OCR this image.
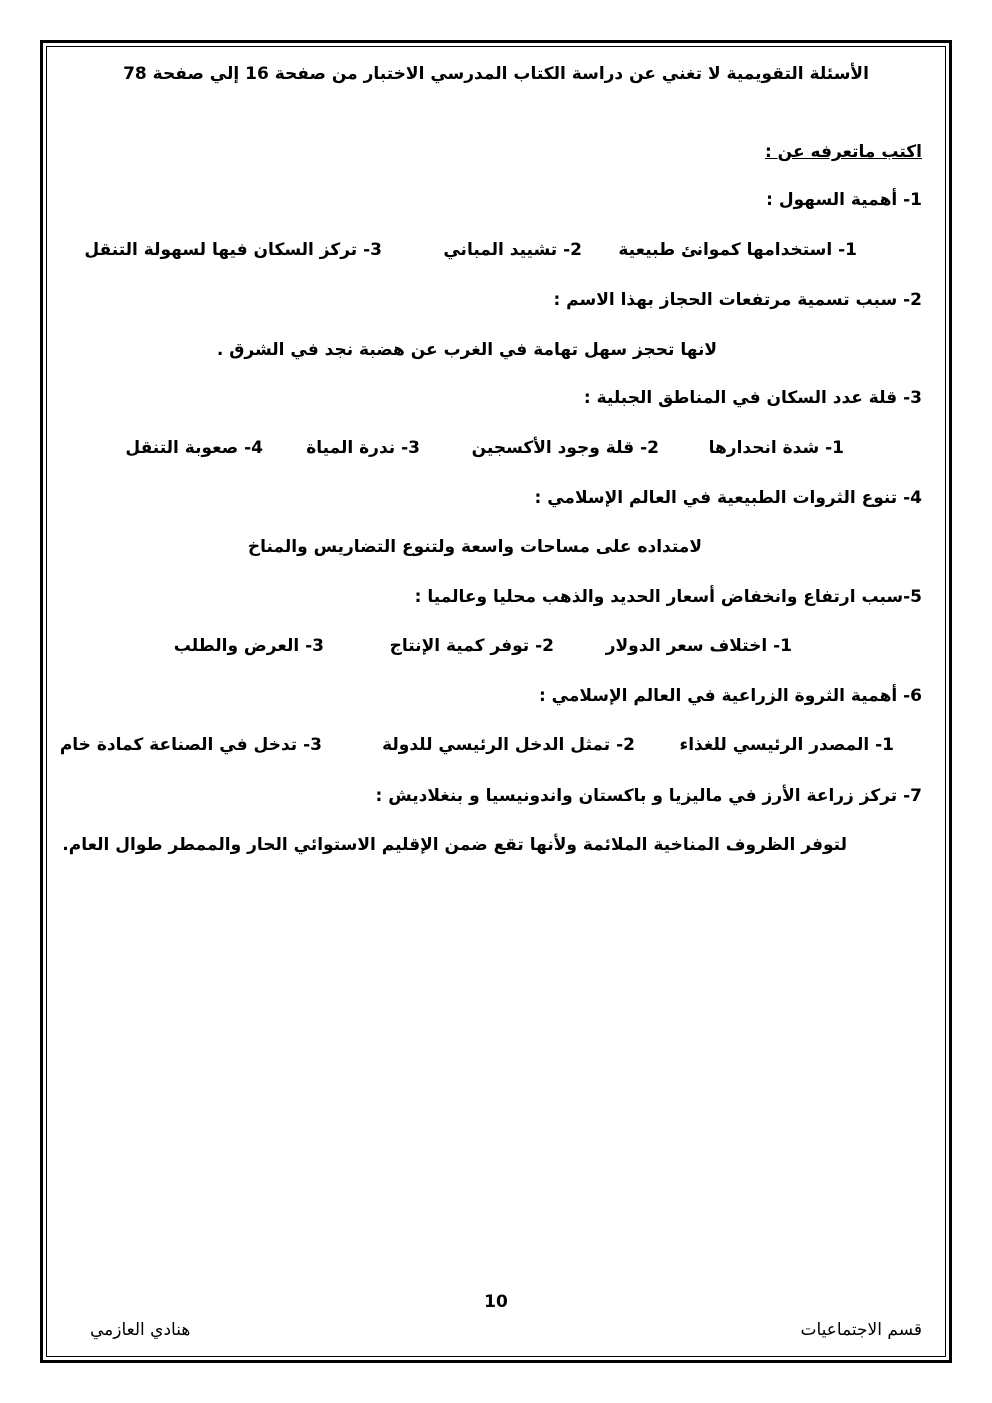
الأسئلة التقويمية لا تغني عن دراسة الكتاب المدرسي الاختبار من صفحة 16 إلي صفحة 78
اكتب ماتعرفه عن :
1- أهمية السهول :
1- استخدامها كموانئ طبيعية
2- تشييد المباني
3- تركز السكان فيها لسهولة التنقل
2- سبب تسمية مرتفعات الحجاز بهذا الاسم :
لانها تحجز سهل تهامة في الغرب عن هضبة نجد في الشرق .
3- قلة عدد السكان في المناطق الجبلية :
1- شدة انحدارها
2- قلة وجود الأكسجين
3- ندرة المياة
4- صعوبة التنقل
4- تنوع الثروات الطبيعية في العالم الإسلامي :
لامتداده على مساحات واسعة ولتنوع التضاريس والمناخ
5-سبب ارتفاع وانخفاض أسعار الحديد والذهب محليا وعالميا :
1- اختلاف سعر الدولار
2- توفر كمية الإنتاج
3- العرض والطلب
6- أهمية الثروة الزراعية في العالم الإسلامي :
1- المصدر الرئيسي للغذاء
2- تمثل الدخل الرئيسي للدولة
3- تدخل في الصناعة كمادة خام
7- تركز زراعة الأرز في ماليزيا و باكستان واندونيسيا و بنغلاديش :
لتوفر الظروف المناخية الملائمة ولأنها تقع ضمن الإقليم الاستوائي الحار والممطر طوال العام.
10
قسم الاجتماعيات
هنادي العازمي
